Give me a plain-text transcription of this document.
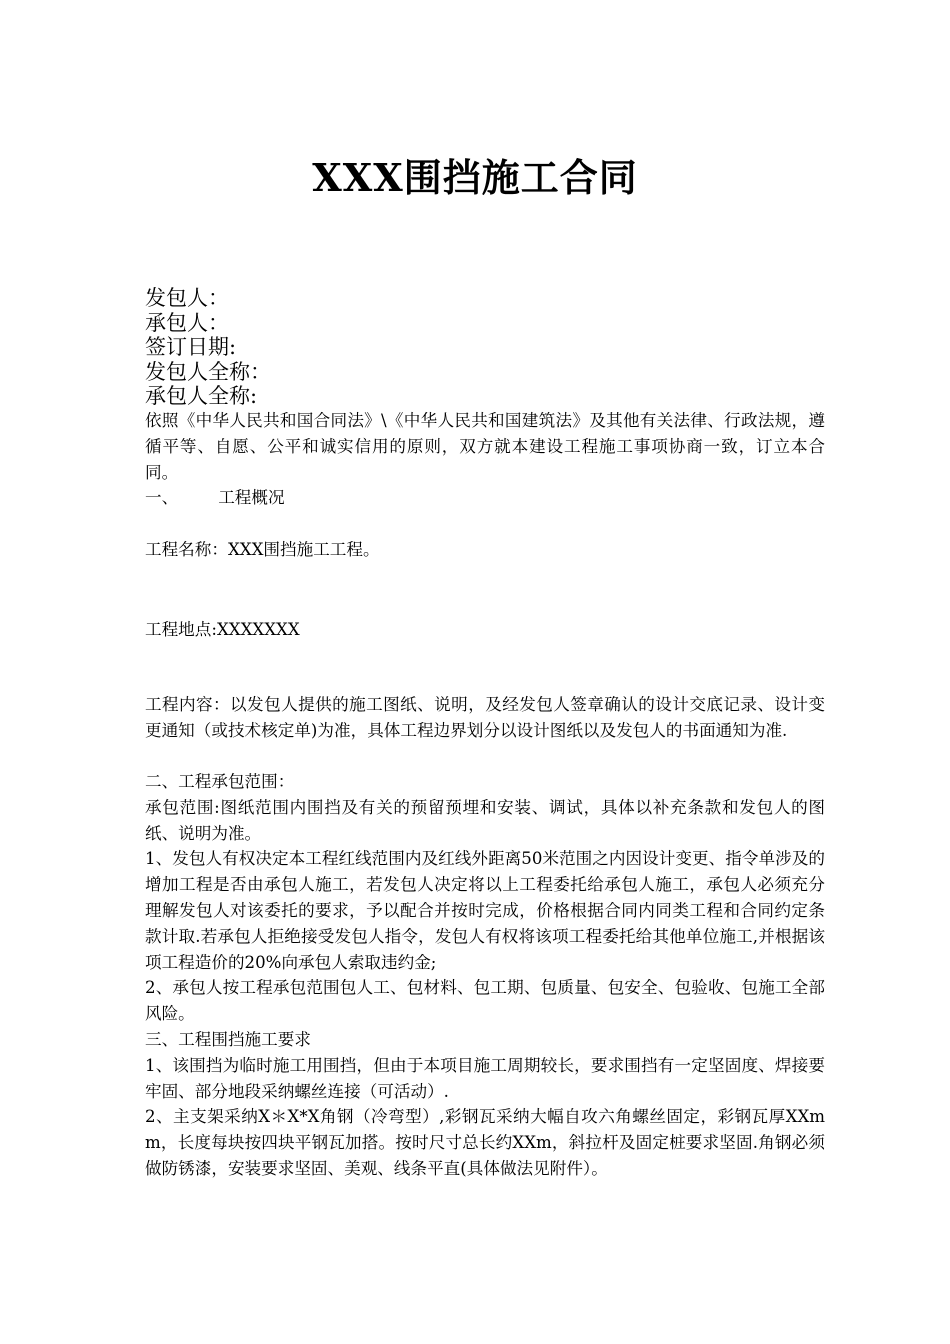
XXX围挡施工合同
发包人：
承包人：
签订日期:
发包人全称：
承包人全称:
依照《中华人民共和国合同法》\《中华人民共和国建筑法》及其他有关法律、行政法规，遵循平等、自愿、公平和诚实信用的原则，双方就本建设工程施工事项协商一致，订立本合同。
一、 工程概况
工程名称：XXX围挡施工工程。
工程地点:XXXXXXX
工程内容：以发包人提供的施工图纸、说明，及经发包人签章确认的设计交底记录、设计变更通知（或技术核定单)为准，具体工程边界划分以设计图纸以及发包人的书面通知为准.

二、工程承包范围：

承包范围:图纸范围内围挡及有关的预留预埋和安装、调试，具体以补充条款和发包人的图纸、说明为准。

1、发包人有权决定本工程红线范围内及红线外距离50米范围之内因设计变更、指令单涉及的增加工程是否由承包人施工，若发包人决定将以上工程委托给承包人施工，承包人必须充分理解发包人对该委托的要求，予以配合并按时完成，价格根据合同内同类工程和合同约定条款计取.若承包人拒绝接受发包人指令，发包人有权将该项工程委托给其他单位施工,并根据该项工程造价的20%向承包人索取违约金;

2、承包人按工程承包范围包人工、包材料、包工期、包质量、包安全、包验收、包施工全部风险。

三、工程围挡施工要求

1、该围挡为临时施工用围挡，但由于本项目施工周期较长，要求围挡有一定坚固度、焊接要牢固、部分地段采纳螺丝连接（可活动）.

2、主支架采纳X＊X*X角钢（冷弯型）,彩钢瓦采纳大幅自攻六角螺丝固定，彩钢瓦厚XXmm，长度每块按四块平钢瓦加搭。按时尺寸总长约XXm，斜拉杆及固定桩要求坚固.角钢必须做防锈漆，安装要求坚固、美观、线条平直(具体做法见附件）。
